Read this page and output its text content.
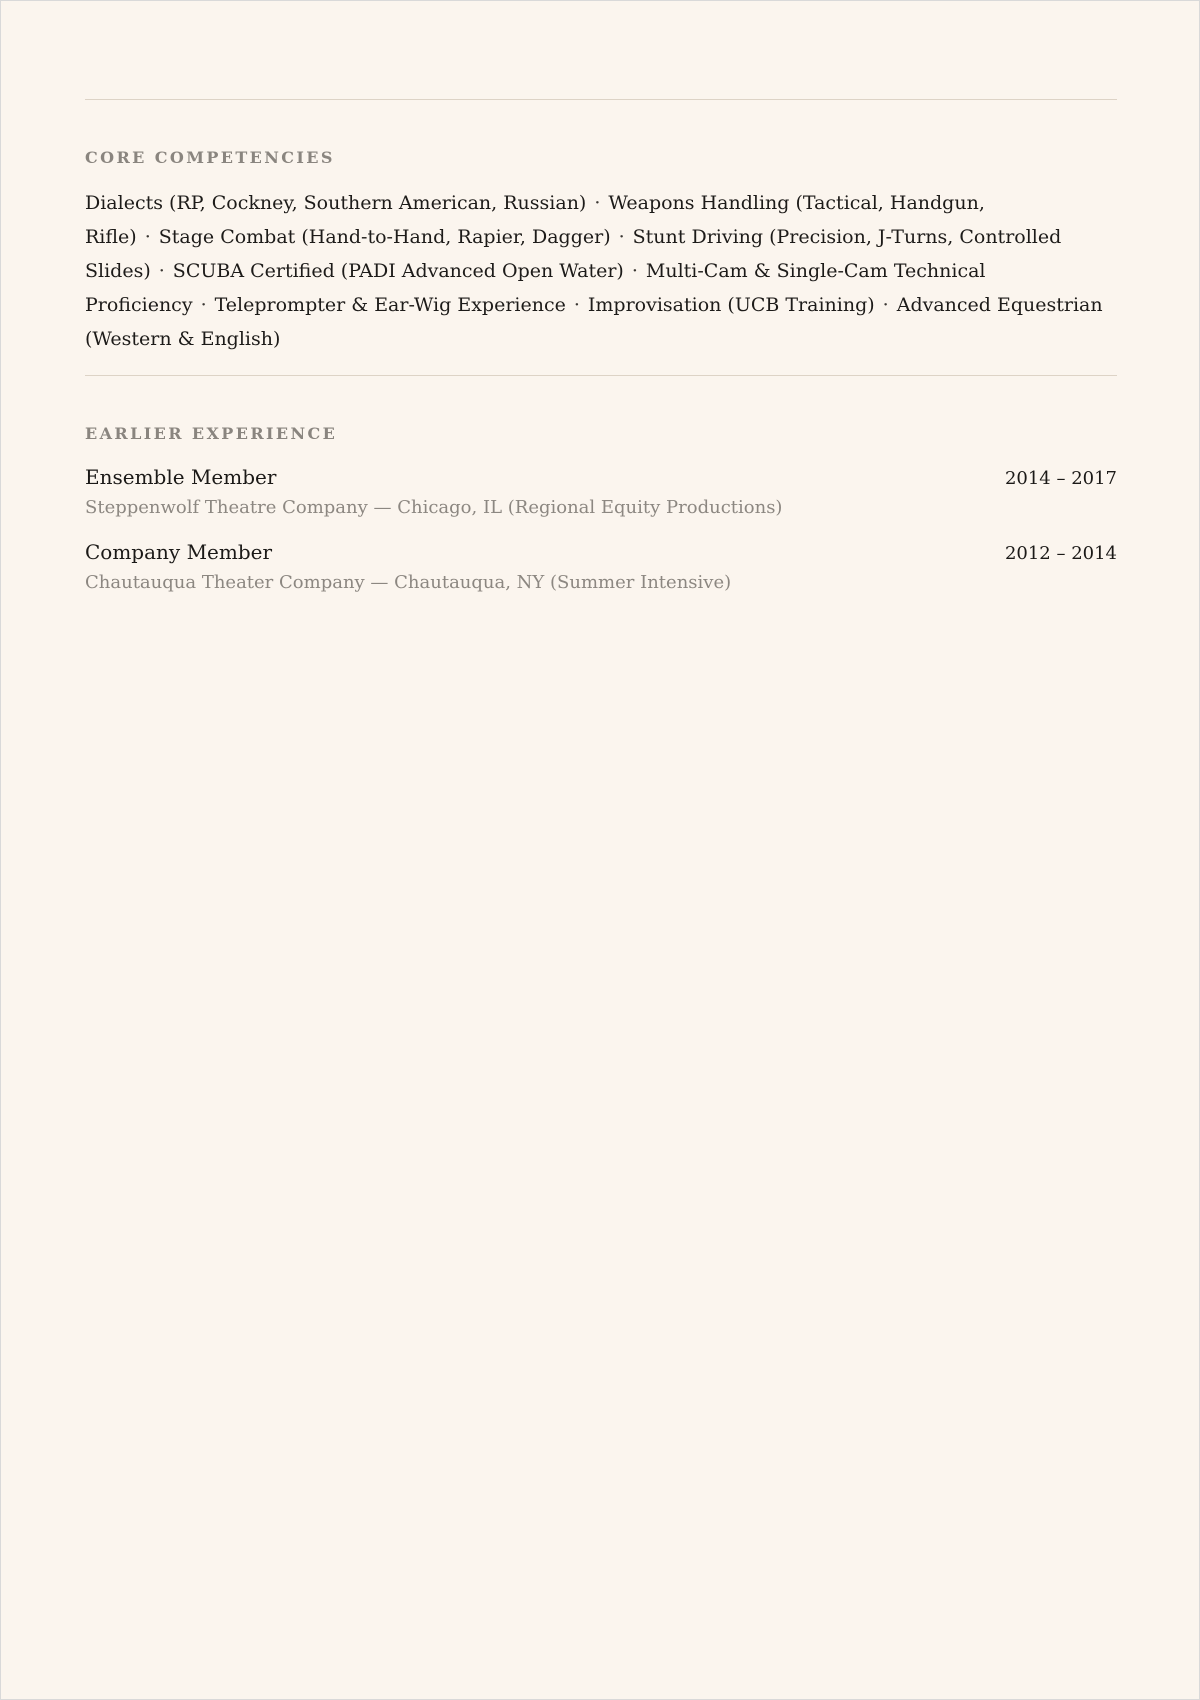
CORE COMPETENCIES
Dialects (RP, Cockney, Southern American, Russian) · Weapons Handling (Tactical, Handgun, Rifle) · Stage Combat (Hand-to-Hand, Rapier, Dagger) · Stunt Driving (Precision, J-Turns, Controlled Slides) · SCUBA Certified (PADI Advanced Open Water) · Multi-Cam & Single-Cam Technical Proficiency · Teleprompter & Ear-Wig Experience · Improvisation (UCB Training) · Advanced Equestrian (Western & English)
EARLIER EXPERIENCE
Ensemble Member	2014 – 2017
Steppenwolf Theatre Company — Chicago, IL (Regional Equity Productions)
Company Member	2012 – 2014
Chautauqua Theater Company — Chautauqua, NY (Summer Intensive)
